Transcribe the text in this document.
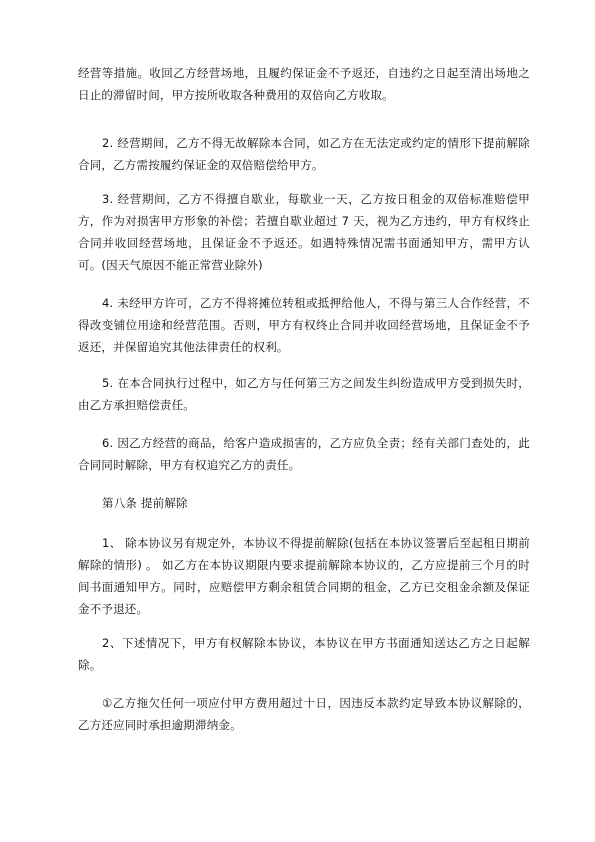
经营等措施。收回乙方经营场地，且履约保证金不予返还，自违约之日起至清出场地之日止的滞留时间，甲方按所收取各种费用的双倍向乙方收取。

2. 经营期间，乙方不得无故解除本合同，如乙方在无法定或约定的情形下提前解除合同，乙方需按履约保证金的双倍赔偿给甲方。

3. 经营期间，乙方不得擅自歇业，每歇业一天，乙方按日租金的双倍标准赔偿甲方，作为对损害甲方形象的补偿；若擅自歇业超过 7 天，视为乙方违约，甲方有权终止合同并收回经营场地，且保证金不予返还。如遇特殊情况需书面通知甲方，需甲方认可。(因天气原因不能正常营业除外)

4. 未经甲方许可，乙方不得将摊位转租或抵押给他人，不得与第三人合作经营，不得改变铺位用途和经营范围。否则，甲方有权终止合同并收回经营场地，且保证金不予返还，并保留追究其他法律责任的权利。

5. 在本合同执行过程中，如乙方与任何第三方之间发生纠纷造成甲方受到损失时，由乙方承担赔偿责任。

6. 因乙方经营的商品，给客户造成损害的，乙方应负全责；经有关部门查处的，此合同同时解除，甲方有权追究乙方的责任。

第八条 提前解除

1、 除本协议另有规定外，本协议不得提前解除(包括在本协议签署后至起租日期前解除的情形) 。 如乙方在本协议期限内要求提前解除本协议的，乙方应提前三个月的时间书面通知甲方。同时，应赔偿甲方剩余租赁合同期的租金，乙方已交租金余额及保证金不予退还。

2、下述情况下，甲方有权解除本协议，本协议在甲方书面通知送达乙方之日起解除。

①乙方拖欠任何一项应付甲方费用超过十日，因违反本款约定导致本协议解除的，乙方还应同时承担逾期滞纳金。
